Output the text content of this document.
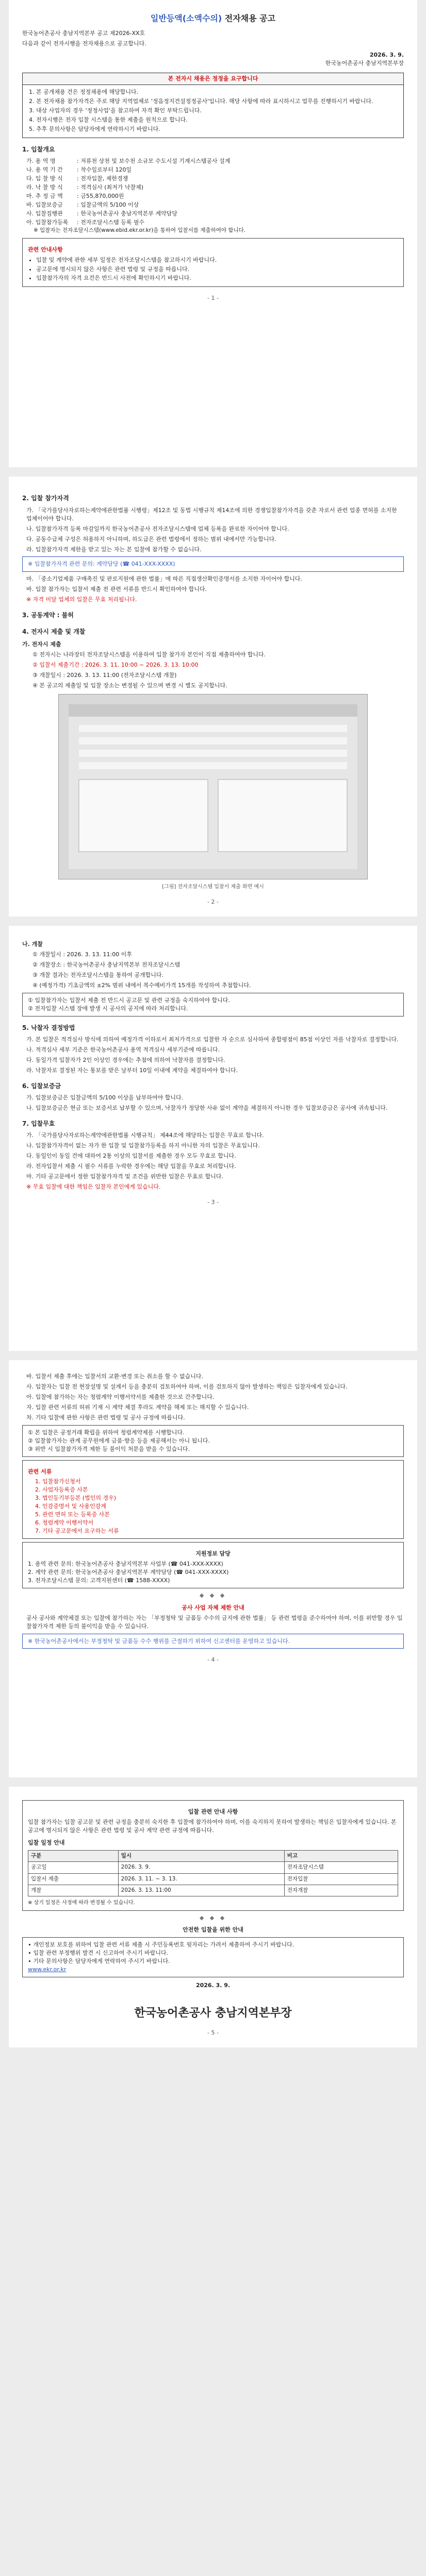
일반등액(소액수의) 전자채용 공고
한국농어촌공사 충남지역본부 공고 제2026-XX호
다음과 같이 전자시행을 전자채용으로 공고합니다.
2026. 3. 9.
한국농어촌공사 충남지역본부장
본 전자시 채용은 정정을 요구합니다
1. 본 공개채용 건은 정정채용에 해당합니다.
2. 본 전자채용 참가자격은 주로 해당 지역업체로 '정읍정지건설정정공사'입니다. 해당 사항에 따라 표시하시고 업무를 진행하시기 바랍니다.
3. 대상 사업자의 경우 '정정사업'을 참고하여 자격 확인 부탁드립니다.
4. 전자시행은 전자 입찰 시스템을 통한 제출을 원칙으로 합니다.
5. 추후 문의사항은 담당자에게 연락하시기 바랍니다.
1. 입찰개요
가. 용 역 명	: 저류천 상천 및 보수천 소규모 수도시설 기계시스템공사 설계
나. 용 역 기 간	: 착수일로부터 120일
다. 입 찰 방 식	: 전자입찰, 제한경쟁
라. 낙 찰 방 식	: 적격심사 (최저가 낙찰제)
마. 추 정 금 액	: 금55,870,000원
바. 입찰보증금	: 입찰금액의 5/100 이상
사. 입찰집행관	: 한국농어촌공사 충남지역본부 계약담당
아. 입찰참가등록	: 전자조달시스템 등록 필수
※ 입찰자는 전자조달시스템(www.ebid.ekr.or.kr)을 통하여 입찰서를 제출하여야 합니다.
관련 안내사항
• 입찰 및 계약에 관한 세부 일정은 전자조달시스템을 참고하시기 바랍니다.
• 공고문에 명시되지 않은 사항은 관련 법령 및 규정을 따릅니다.
• 입찰참가자의 자격 요건은 반드시 사전에 확인하시기 바랍니다.
- 1 -
2. 입찰 참가자격
가. 「국가를당사자로하는계약에관한법률 시행령」제12조 및 동법 시행규칙 제14조에 의한 경쟁입찰참가자격을 갖춘 자로서 관련 업종 면허를 소지한 업체이어야 합니다.
나. 입찰참가자격 등록 마감일까지 한국농어촌공사 전자조달시스템에 업체 등록을 완료한 자이어야 합니다.
다. 공동수급체 구성은 허용하지 아니하며, 하도급은 관련 법령에서 정하는 범위 내에서만 가능합니다.
라. 입찰참가자격 제한을 받고 있는 자는 본 입찰에 참가할 수 없습니다.
※ 입찰참가자격 관련 문의: 계약담당 (☎ 041-XXX-XXXX)
마. 「중소기업제품 구매촉진 및 판로지원에 관한 법률」에 따른 직접생산확인증명서를 소지한 자이어야 합니다.
바. 입찰 참가자는 입찰서 제출 전 관련 서류를 반드시 확인하여야 합니다.
※ 자격 미달 업체의 입찰은 무효 처리됩니다.
3. 공동계약 : 불허
4. 전자시 제출 및 개찰
가. 전자시 제출
① 전자시는 나라장터 전자조달시스템을 이용하여 입찰 참가자 본인이 직접 제출하여야 합니다.
② 입찰서 제출기간 : 2026. 3. 11. 10:00 ~ 2026. 3. 13. 10:00
③ 개찰일시 : 2026. 3. 13. 11:00 (전자조달시스템 개찰)
④ 본 공고의 제출일 및 입찰 장소는 변경될 수 있으며 변경 시 별도 공지합니다.
[그림] 전자조달시스템 입찰서 제출 화면 예시
- 2 -
나. 개찰
① 개찰일시 : 2026. 3. 13. 11:00 이후
② 개찰장소 : 한국농어촌공사 충남지역본부 전자조달시스템
③ 개찰 결과는 전자조달시스템을 통하여 공개합니다.
④ (예정가격) 기초금액의 ±2% 범위 내에서 복수예비가격 15개를 작성하여 추첨합니다.
① 입찰참가자는 입찰서 제출 전 반드시 공고문 및 관련 규정을 숙지하여야 합니다.
② 전자입찰 시스템 장애 발생 시 공사의 공지에 따라 처리합니다.
5. 낙찰자 결정방법
가. 본 입찰은 적격심사 방식에 의하여 예정가격 이하로서 최저가격으로 입찰한 자 순으로 심사하여 종합평점이 85점 이상인 자를 낙찰자로 결정합니다.
나. 적격심사 세부 기준은 한국농어촌공사 용역 적격심사 세부기준에 따릅니다.
다. 동일가격 입찰자가 2인 이상인 경우에는 추첨에 의하여 낙찰자를 결정합니다.
라. 낙찰자로 결정된 자는 통보를 받은 날부터 10일 이내에 계약을 체결하여야 합니다.
6. 입찰보증금
가. 입찰보증금은 입찰금액의 5/100 이상을 납부하여야 합니다.
나. 입찰보증금은 현금 또는 보증서로 납부할 수 있으며, 낙찰자가 정당한 사유 없이 계약을 체결하지 아니한 경우 입찰보증금은 공사에 귀속됩니다.
7. 입찰무효
가. 「국가를당사자로하는계약에관한법률 시행규칙」 제44조에 해당하는 입찰은 무효로 합니다.
나. 입찰참가자격이 없는 자가 한 입찰 및 입찰참가등록을 하지 아니한 자의 입찰은 무효입니다.
다. 동일인이 동일 건에 대하여 2통 이상의 입찰서를 제출한 경우 모두 무효로 합니다.
라. 전자입찰서 제출 시 필수 서류를 누락한 경우에는 해당 입찰을 무효로 처리합니다.
마. 기타 공고문에서 정한 입찰참가자격 및 조건을 위반한 입찰은 무효로 합니다.
※ 무효 입찰에 대한 책임은 입찰자 본인에게 있습니다.
- 3 -
바. 입찰서 제출 후에는 입찰서의 교환·변경 또는 취소를 할 수 없습니다.
사. 입찰자는 입찰 전 현장설명 및 설계서 등을 충분히 검토하여야 하며, 이를 검토하지 않아 발생하는 책임은 입찰자에게 있습니다.
아. 입찰에 참가하는 자는 청렴계약 이행서약서를 제출한 것으로 간주합니다.
자. 입찰 관련 서류의 허위 기재 시 계약 체결 후라도 계약을 해제 또는 해지할 수 있습니다.
차. 기타 입찰에 관한 사항은 관련 법령 및 공사 규정에 따릅니다.
① 본 입찰은 공정거래 확립을 위하여 청렴계약제를 시행합니다.
② 입찰참가자는 관계 공무원에게 금품·향응 등을 제공해서는 아니 됩니다.
③ 위반 시 입찰참가자격 제한 등 불이익 처분을 받을 수 있습니다.
관련 서류
1. 입찰참가신청서
2. 사업자등록증 사본
3. 법인등기부등본 (법인의 경우)
4. 인감증명서 및 사용인감계
5. 관련 면허 또는 등록증 사본
6. 청렴계약 이행서약서
7. 기타 공고문에서 요구하는 서류
지원정보 담당
1. 용역 관련 문의: 한국농어촌공사 충남지역본부 사업부 (☎ 041-XXX-XXXX)
2. 계약 관련 문의: 한국농어촌공사 충남지역본부 계약담당 (☎ 041-XXX-XXXX)
3. 전자조달시스템 문의: 고객지원센터 (☎ 1588-XXXX)
◆ ◆ ◆
공사 사업 자체 제한 안내
공사 공사와 계약체결 또는 입찰에 참가하는 자는 「부정청탁 및 금품등 수수의 금지에 관한 법률」 등 관련 법령을 준수하여야 하며, 이를 위반할 경우 입찰참가자격 제한 등의 불이익을 받을 수 있습니다.
※ 한국농어촌공사에서는 부정청탁 및 금품등 수수 행위를 근절하기 위하여 신고센터를 운영하고 있습니다.
- 4 -
입찰 관련 안내 사항
입찰 참가자는 입찰 공고문 및 관련 규정을 충분히 숙지한 후 입찰에 참가하여야 하며, 이를 숙지하지 못하여 발생하는 책임은 입찰자에게 있습니다. 본 공고에 명시되지 않은 사항은 관련 법령 및 공사 계약 관련 규정에 따릅니다.
입찰 일정 안내
구분	일시	비고
공고일	2026. 3. 9.	전자조달시스템
입찰서 제출	2026. 3. 11. ~ 3. 13.	전자입찰
개찰	2026. 3. 13. 11:00	전자개찰
※ 상기 일정은 사정에 따라 변경될 수 있습니다.
◆ ◆ ◆
안전한 입찰을 위한 안내
∙ 개인정보 보호를 위하여 입찰 관련 서류 제출 시 주민등록번호 뒷자리는 가려서 제출하여 주시기 바랍니다.
∙ 입찰 관련 부정행위 발견 시 신고하여 주시기 바랍니다.
∙ 기타 문의사항은 담당자에게 연락하여 주시기 바랍니다.
www.ekr.or.kr
2026. 3. 9.
한국농어촌공사 충남지역본부장
- 5 -
